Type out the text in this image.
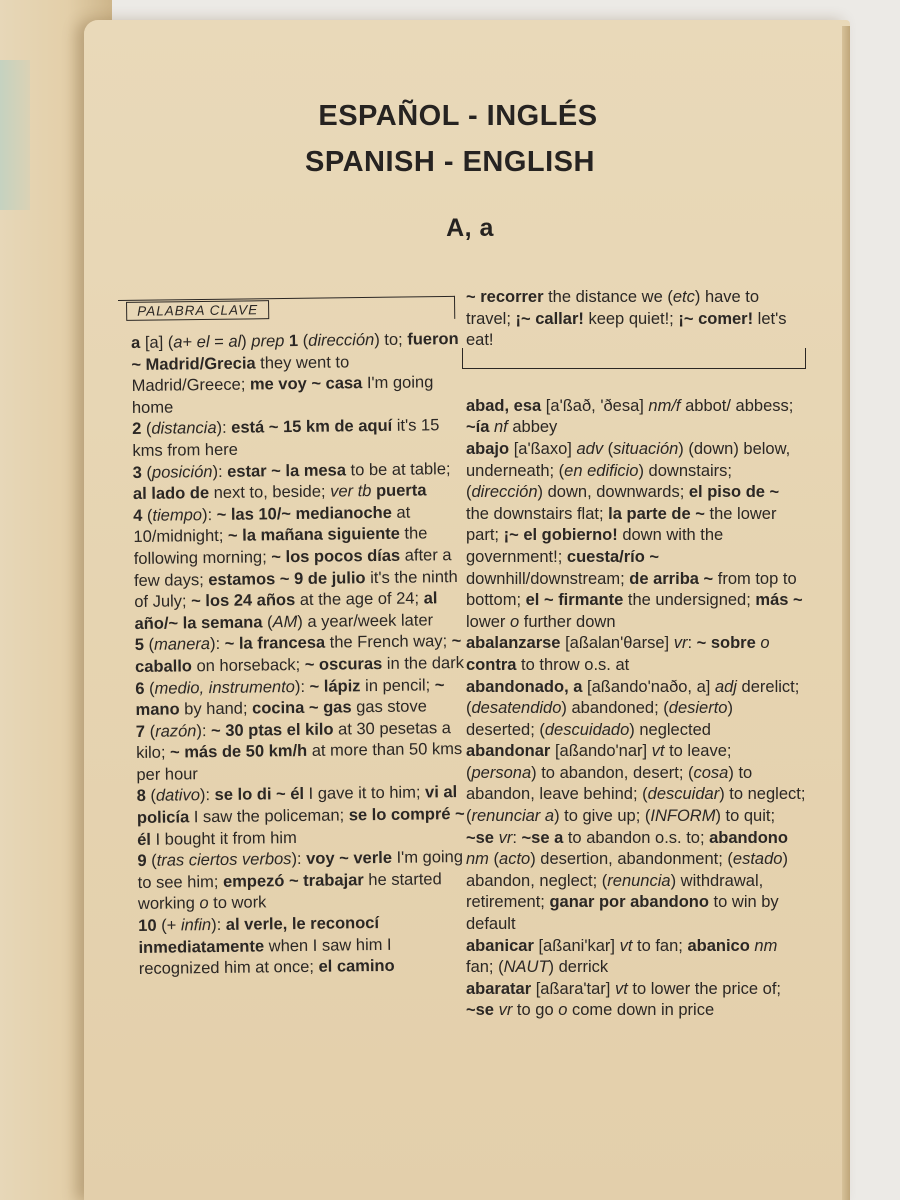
ESPAÑOL - INGLÉS
SPANISH - ENGLISH
A, a
PALABRA CLAVE

a [a] (a+ el = al) prep 1 (dirección) to; fueron ~ Madrid/Grecia they went to Madrid/Greece; me voy ~ casa I'm going home

2 (distancia): está ~ 15 km de aquí it's 15 kms from here

3 (posición): estar ~ la mesa to be at table; al lado de next to, beside; ver tb puerta

4 (tiempo): ~ las 10/~ medianoche at 10/midnight; ~ la mañana siguiente the following morning; ~ los pocos días after a few days; estamos ~ 9 de julio it's the ninth of July; ~ los 24 años at the age of 24; al año/~ la semana (AM) a year/week later

5 (manera): ~ la francesa the French way; ~ caballo on horseback; ~ oscuras in the dark

6 (medio, instrumento): ~ lápiz in pencil; ~ mano by hand; cocina ~ gas gas stove

7 (razón): ~ 30 ptas el kilo at 30 pesetas a kilo; ~ más de 50 km/h at more than 50 kms per hour

8 (dativo): se lo di ~ él I gave it to him; vi al policía I saw the policeman; se lo compré ~ él I bought it from him

9 (tras ciertos verbos): voy ~ verle I'm going to see him; empezó ~ trabajar he started working o to work

10 (+ infin): al verle, le reconocí inmediatamente when I saw him I recognized him at once; el camino

~ recorrer the distance we (etc) have to travel; ¡~ callar! keep quiet!; ¡~ comer! let's eat!

abad, esa [a'ßað, 'ðesa] nm/f abbot/ abbess; ~ía nf abbey

abajo [a'ßaxo] adv (situación) (down) below, underneath; (en edificio) downstairs; (dirección) down, downwards; el piso de ~ the downstairs flat; la parte de ~ the lower part; ¡~ el gobierno! down with the government!; cuesta/río ~ downhill/downstream; de arriba ~ from top to bottom; el ~ firmante the undersigned; más ~ lower o further down

abalanzarse [aßalan'θarse] vr: ~ sobre o contra to throw o.s. at

abandonado, a [aßando'naðo, a] adj derelict; (desatendido) abandoned; (desierto) deserted; (descuidado) neglected

abandonar [aßando'nar] vt to leave; (persona) to abandon, desert; (cosa) to abandon, leave behind; (descuidar) to neglect; (renunciar a) to give up; (INFORM) to quit; ~se vr: ~se a to abandon o.s. to; abandono nm (acto) desertion, abandonment; (estado) abandon, neglect; (renuncia) withdrawal, retirement; ganar por abandono to win by default

abanicar [aßani'kar] vt to fan; abanico nm fan; (NAUT) derrick

abaratar [aßara'tar] vt to lower the price of; ~se vr to go o come down in price
